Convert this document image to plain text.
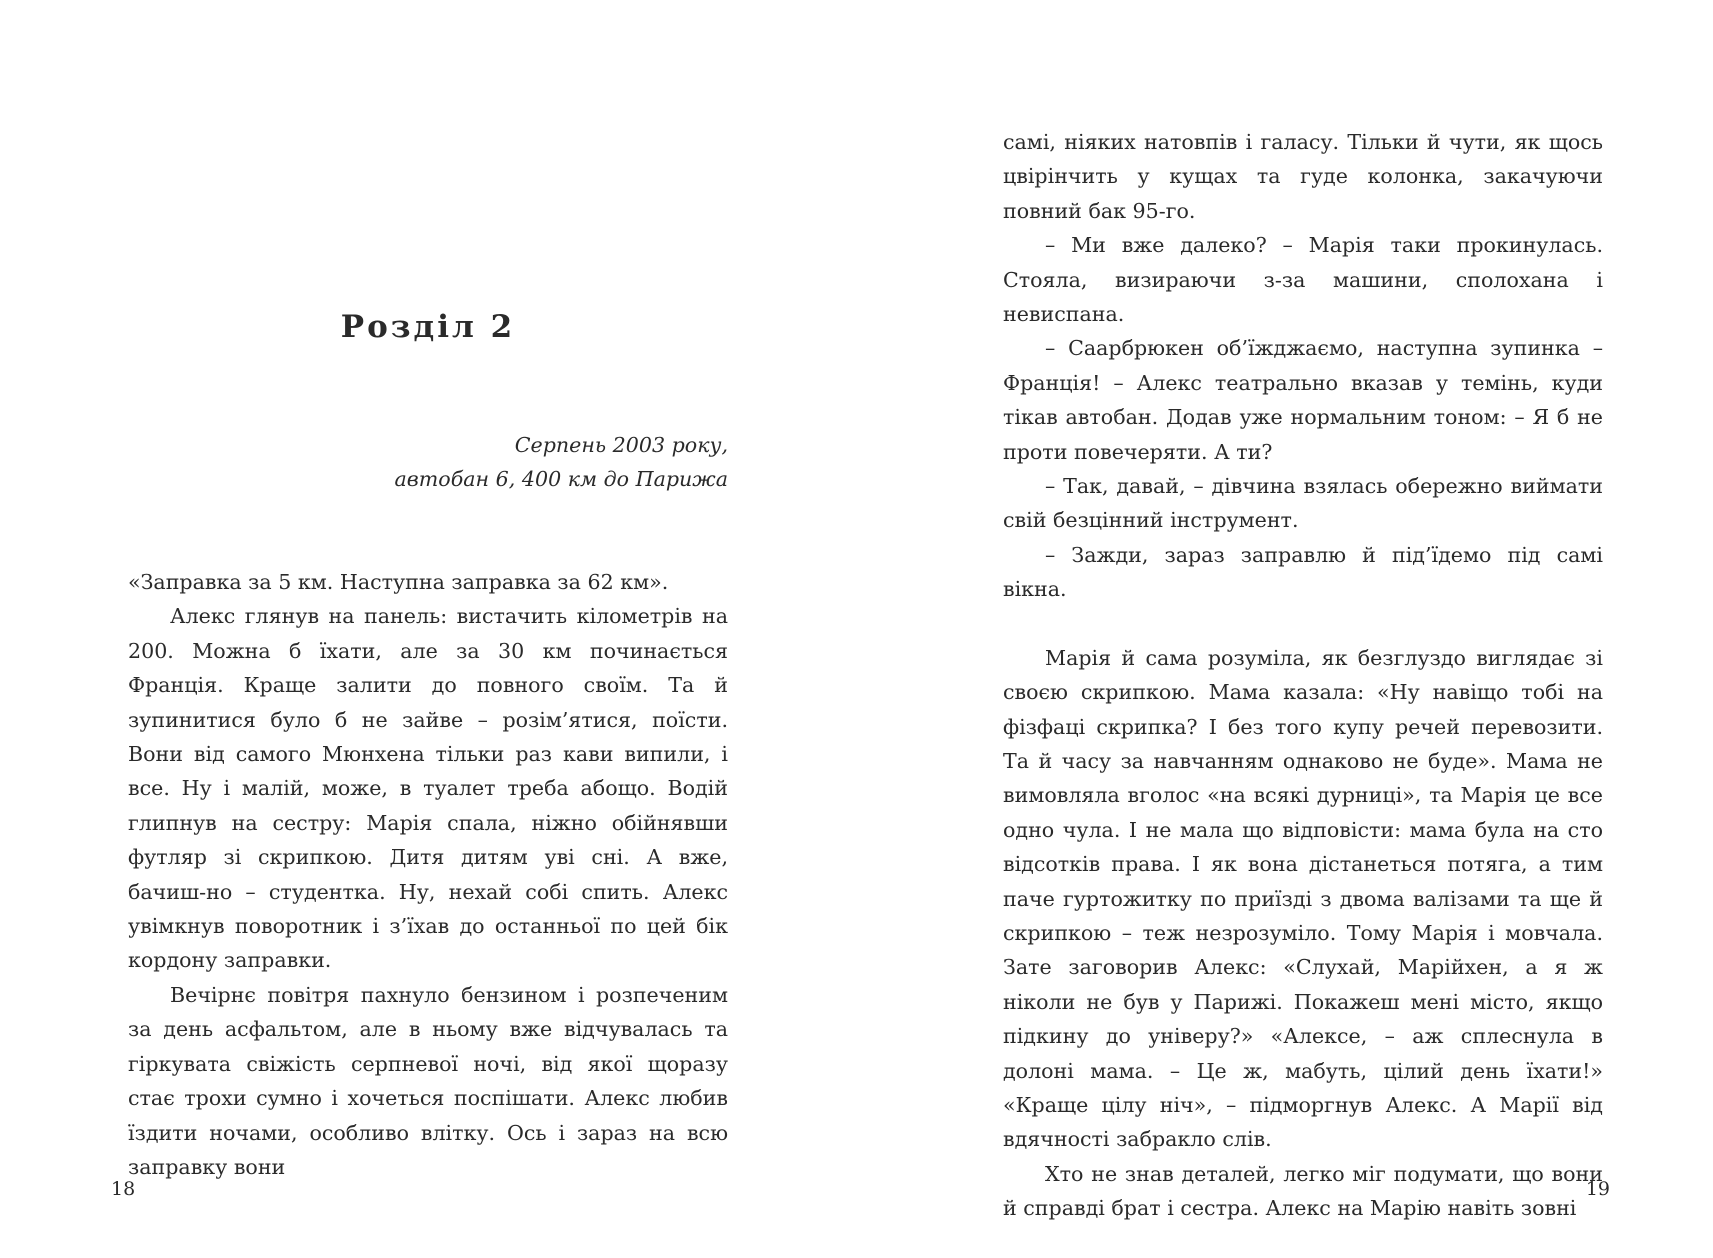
Розділ 2
Серпень 2003 року,
автобан 6, 400 км до Парижа

«Заправка за 5 км. Наступна заправка за 62 км».

Алекс глянув на панель: вистачить кілометрів на 200. Можна б їхати, але за 30 км починається Франція. Краще залити до повного своїм. Та й зупинитися було б не зайве – розім’ятися, поїсти. Вони від самого Мюнхена тільки раз кави випили, і все. Ну і малій, може, в туалет треба абощо. Водій глипнув на сестру: Марія спала, ніжно обійнявши футляр зі скрипкою. Дитя дитям уві сні. А вже, бачиш-но – студентка. Ну, нехай собі спить. Алекс увімкнув поворотник і з’їхав до останньої по цей бік кордону заправки.

Вечірнє повітря пахнуло бензином і розпеченим за день асфальтом, але в ньому вже відчувалась та гіркувата свіжість серпневої ночі, від якої щоразу стає трохи сумно і хочеться поспішати. Алекс любив їздити ночами, особливо влітку. Ось і зараз на всю заправку вони

18

самі, ніяких натовпів і галасу. Тільки й чути, як щось цвірінчить у кущах та гуде колонка, закачуючи повний бак 95-го.

– Ми вже далеко? – Марія таки прокинулась. Стояла, визираючи з-за машини, сполохана і невиспана.

– Саарбрюкен об’їжджаємо, наступна зупинка – Франція! – Алекс театрально вказав у темінь, куди тікав автобан. Додав уже нормальним тоном: – Я б не проти повечеряти. А ти?

– Так, давай, – дівчина взялась обережно виймати свій безцінний інструмент.

– Зажди, зараз заправлю й під’їдемо під самі вікна.

Марія й сама розуміла, як безглуздо виглядає зі своєю скрипкою. Мама казала: «Ну навіщо тобі на фізфаці скрипка? І без того купу речей перевозити. Та й часу за навчанням однаково не буде». Мама не вимовляла вголос «на всякі дурниці», та Марія це все одно чула. І не мала що відповісти: мама була на сто відсотків права. І як вона дістанеться потяга, а тим паче гуртожитку по приїзді з двома валізами та ще й скрипкою – теж незрозуміло. Тому Марія і мовчала. Зате заговорив Алекс: «Слухай, Марійхен, а я ж ніколи не був у Парижі. Покажеш мені місто, якщо підкину до універу?» «Алексе, – аж сплеснула в долоні мама. – Це ж, мабуть, цілий день їхати!» «Краще цілу ніч», – підморгнув Алекс. А Марії від вдячності забракло слів.

Хто не знав деталей, легко міг подумати, що вони й справді брат і сестра. Алекс на Марію навіть зовні

19
